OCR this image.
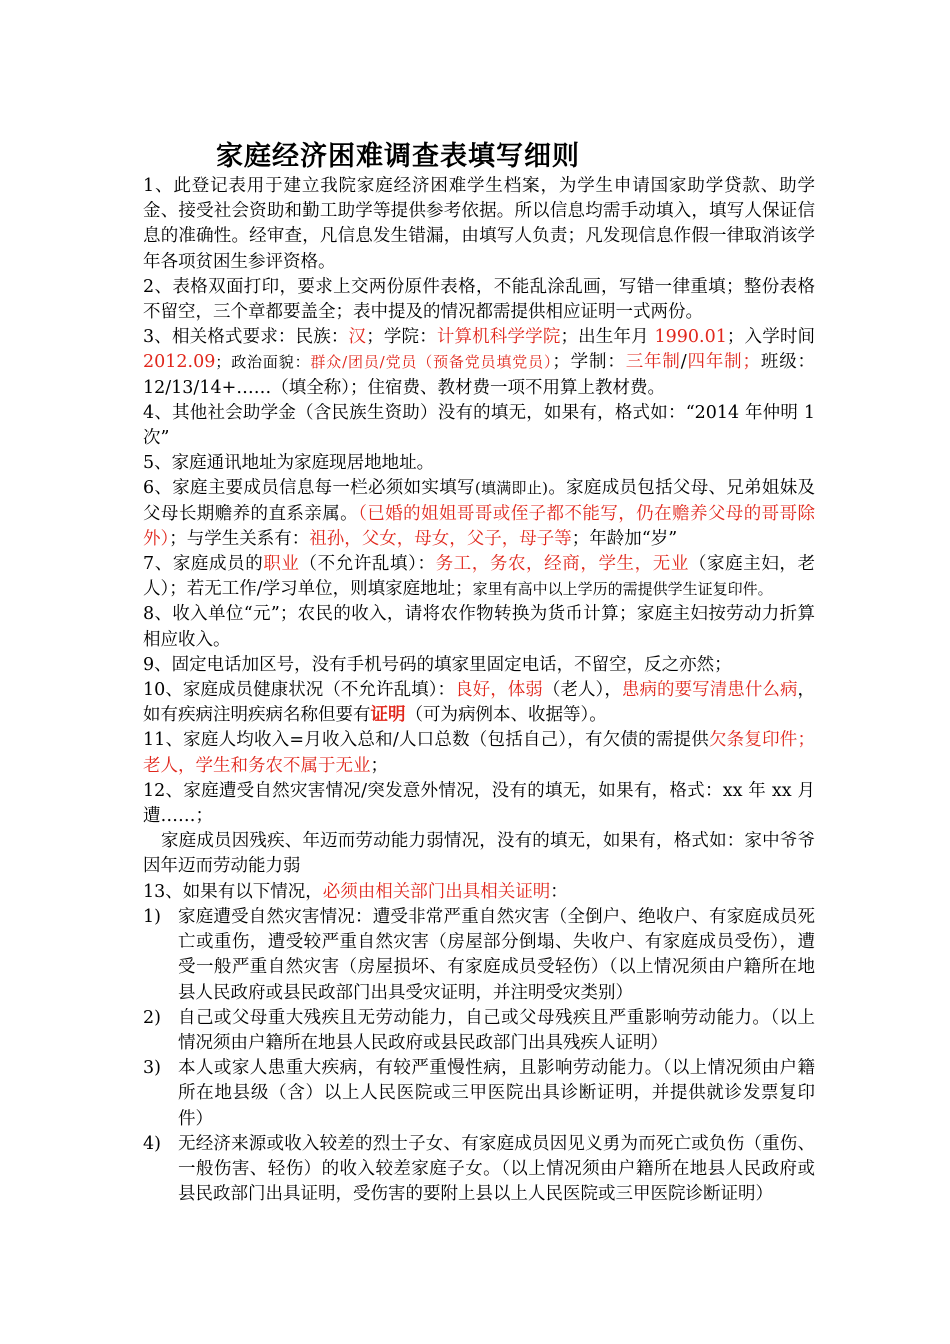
家庭经济困难调查表填写细则

1、此登记表用于建立我院家庭经济困难学生档案，为学生申请国家助学贷款、助学金、接受社会资助和勤工助学等提供参考依据。所以信息均需手动填入，填写人保证信息的准确性。经审查，凡信息发生错漏，由填写人负责；凡发现信息作假一律取消该学年各项贫困生参评资格。

2、表格双面打印，要求上交两份原件表格，不能乱涂乱画，写错一律重填；整份表格不留空，三个章都要盖全；表中提及的情况都需提供相应证明一式两份。

3、相关格式要求：民族：汉；学院：计算机科学学院；出生年月 1990.01；入学时间 2012.09；政治面貌：群众/团员/党员（预备党员填党员）；学制：三年制/四年制；班级：12/13/14+……（填全称）；住宿费、教材费一项不用算上教材费。

4、其他社会助学金（含民族生资助）没有的填无，如果有，格式如：“2014 年仲明 1 次”

5、家庭通讯地址为家庭现居地地址。

6、家庭主要成员信息每一栏必须如实填写(填满即止)。家庭成员包括父母、兄弟姐妹及父母长期赡养的直系亲属。（已婚的姐姐哥哥或侄子都不能写，仍在赡养父母的哥哥除外）；与学生关系有：祖孙，父女，母女，父子，母子等；年龄加“岁”

7、家庭成员的职业（不允许乱填）：务工，务农，经商，学生，无业（家庭主妇，老人）；若无工作/学习单位，则填家庭地址；家里有高中以上学历的需提供学生证复印件。

8、收入单位“元”；农民的收入，请将农作物转换为货币计算；家庭主妇按劳动力折算相应收入。

9、固定电话加区号，没有手机号码的填家里固定电话，不留空，反之亦然；

10、家庭成员健康状况（不允许乱填）：良好，体弱（老人），患病的要写清患什么病，如有疾病注明疾病名称但要有证明（可为病例本、收据等）。

11、家庭人均收入=月收入总和/人口总数（包括自己），有欠债的需提供欠条复印件；老人，学生和务农不属于无业；

12、家庭遭受自然灾害情况/突发意外情况，没有的填无，如果有，格式：xx 年 xx 月遭……；

家庭成员因残疾、年迈而劳动能力弱情况，没有的填无，如果有，格式如：家中爷爷因年迈而劳动能力弱

13、如果有以下情况，必须由相关部门出具相关证明：

1) 家庭遭受自然灾害情况：遭受非常严重自然灾害（全倒户、绝收户、有家庭成员死亡或重伤，遭受较严重自然灾害（房屋部分倒塌、失收户、有家庭成员受伤），遭受一般严重自然灾害（房屋损坏、有家庭成员受轻伤）（以上情况须由户籍所在地县人民政府或县民政部门出具受灾证明，并注明受灾类别）

2) 自己或父母重大残疾且无劳动能力，自己或父母残疾且严重影响劳动能力。（以上情况须由户籍所在地县人民政府或县民政部门出具残疾人证明）

3) 本人或家人患重大疾病，有较严重慢性病，且影响劳动能力。（以上情况须由户籍所在地县级（含）以上人民医院或三甲医院出具诊断证明，并提供就诊发票复印件）

4) 无经济来源或收入较差的烈士子女、有家庭成员因见义勇为而死亡或负伤（重伤、一般伤害、轻伤）的收入较差家庭子女。（以上情况须由户籍所在地县人民政府或县民政部门出具证明，受伤害的要附上县以上人民医院或三甲医院诊断证明）
